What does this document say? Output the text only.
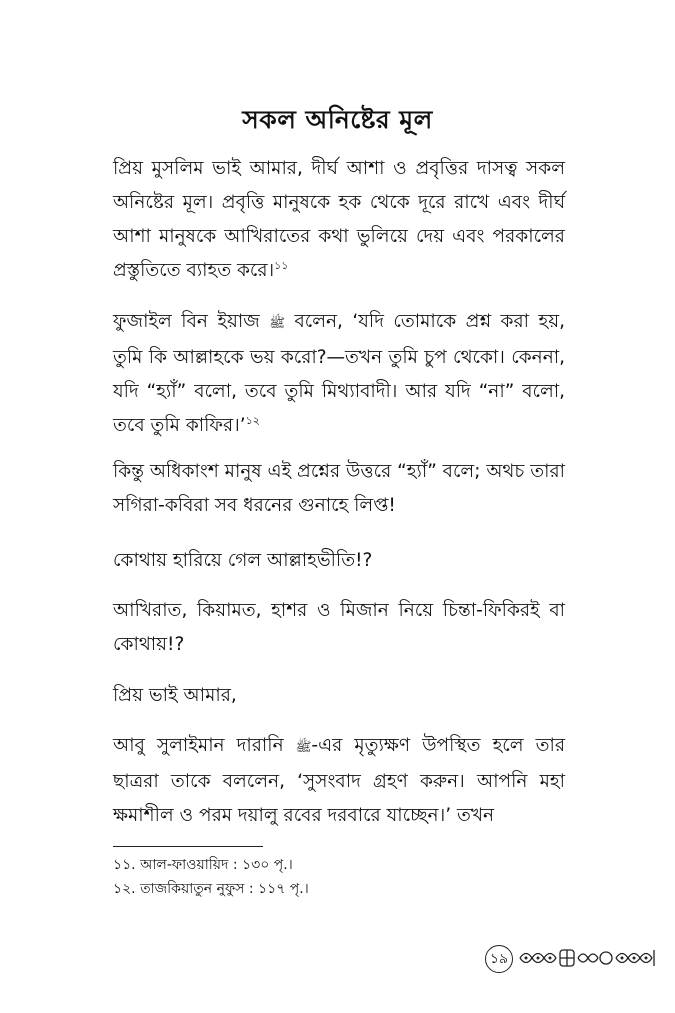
সকল অনিষ্টের মূল
প্রিয় মুসলিম ভাই আমার, দীর্ঘ আশা ও প্রবৃত্তির দাসত্ব সকল অনিষ্টের মূল। প্রবৃত্তি মানুষকে হক থেকে দূরে রাখে এবং দীর্ঘ আশা মানুষকে আখিরাতের কথা ভুলিয়ে দেয় এবং পরকালের প্রস্তুতিতে ব্যাহত করে।$^{১১}$
ফুজাইল বিন ইয়াজ ﷺ বলেন, ‘যদি তোমাকে প্রশ্ন করা হয়, তুমি কি আল্লাহকে ভয় করো?—তখন তুমি চুপ থেকো। কেননা, যদি “হ্যাঁ” বলো, তবে তুমি মিথ্যাবাদী। আর যদি “না” বলো, তবে তুমি কাফির।’$^{১২}$
কিন্তু অধিকাংশ মানুষ এই প্রশ্নের উত্তরে “হ্যাঁ” বলে; অথচ তারা সগিরা-কবিরা সব ধরনের গুনাহে লিপ্ত!
কোথায় হারিয়ে গেল আল্লাহভীতি!?
আখিরাত, কিয়ামত, হাশর ও মিজান নিয়ে চিন্তা-ফিকিরই বা কোথায়!?
প্রিয় ভাই আমার,
আবু সুলাইমান দারানি ﷺ-এর মৃত্যুক্ষণ উপস্থিত হলে তার ছাত্ররা তাকে বললেন, ‘সুসংবাদ গ্রহণ করুন। আপনি মহা ক্ষমাশীল ও পরম দয়ালু রবের দরবারে যাচ্ছেন।’ তখন
১১. আল-ফাওয়ায়িদ : ১৩০ পৃ.।
১২. তাজকিয়াতুন নুফুস : ১১৭ পৃ.।
১৯
